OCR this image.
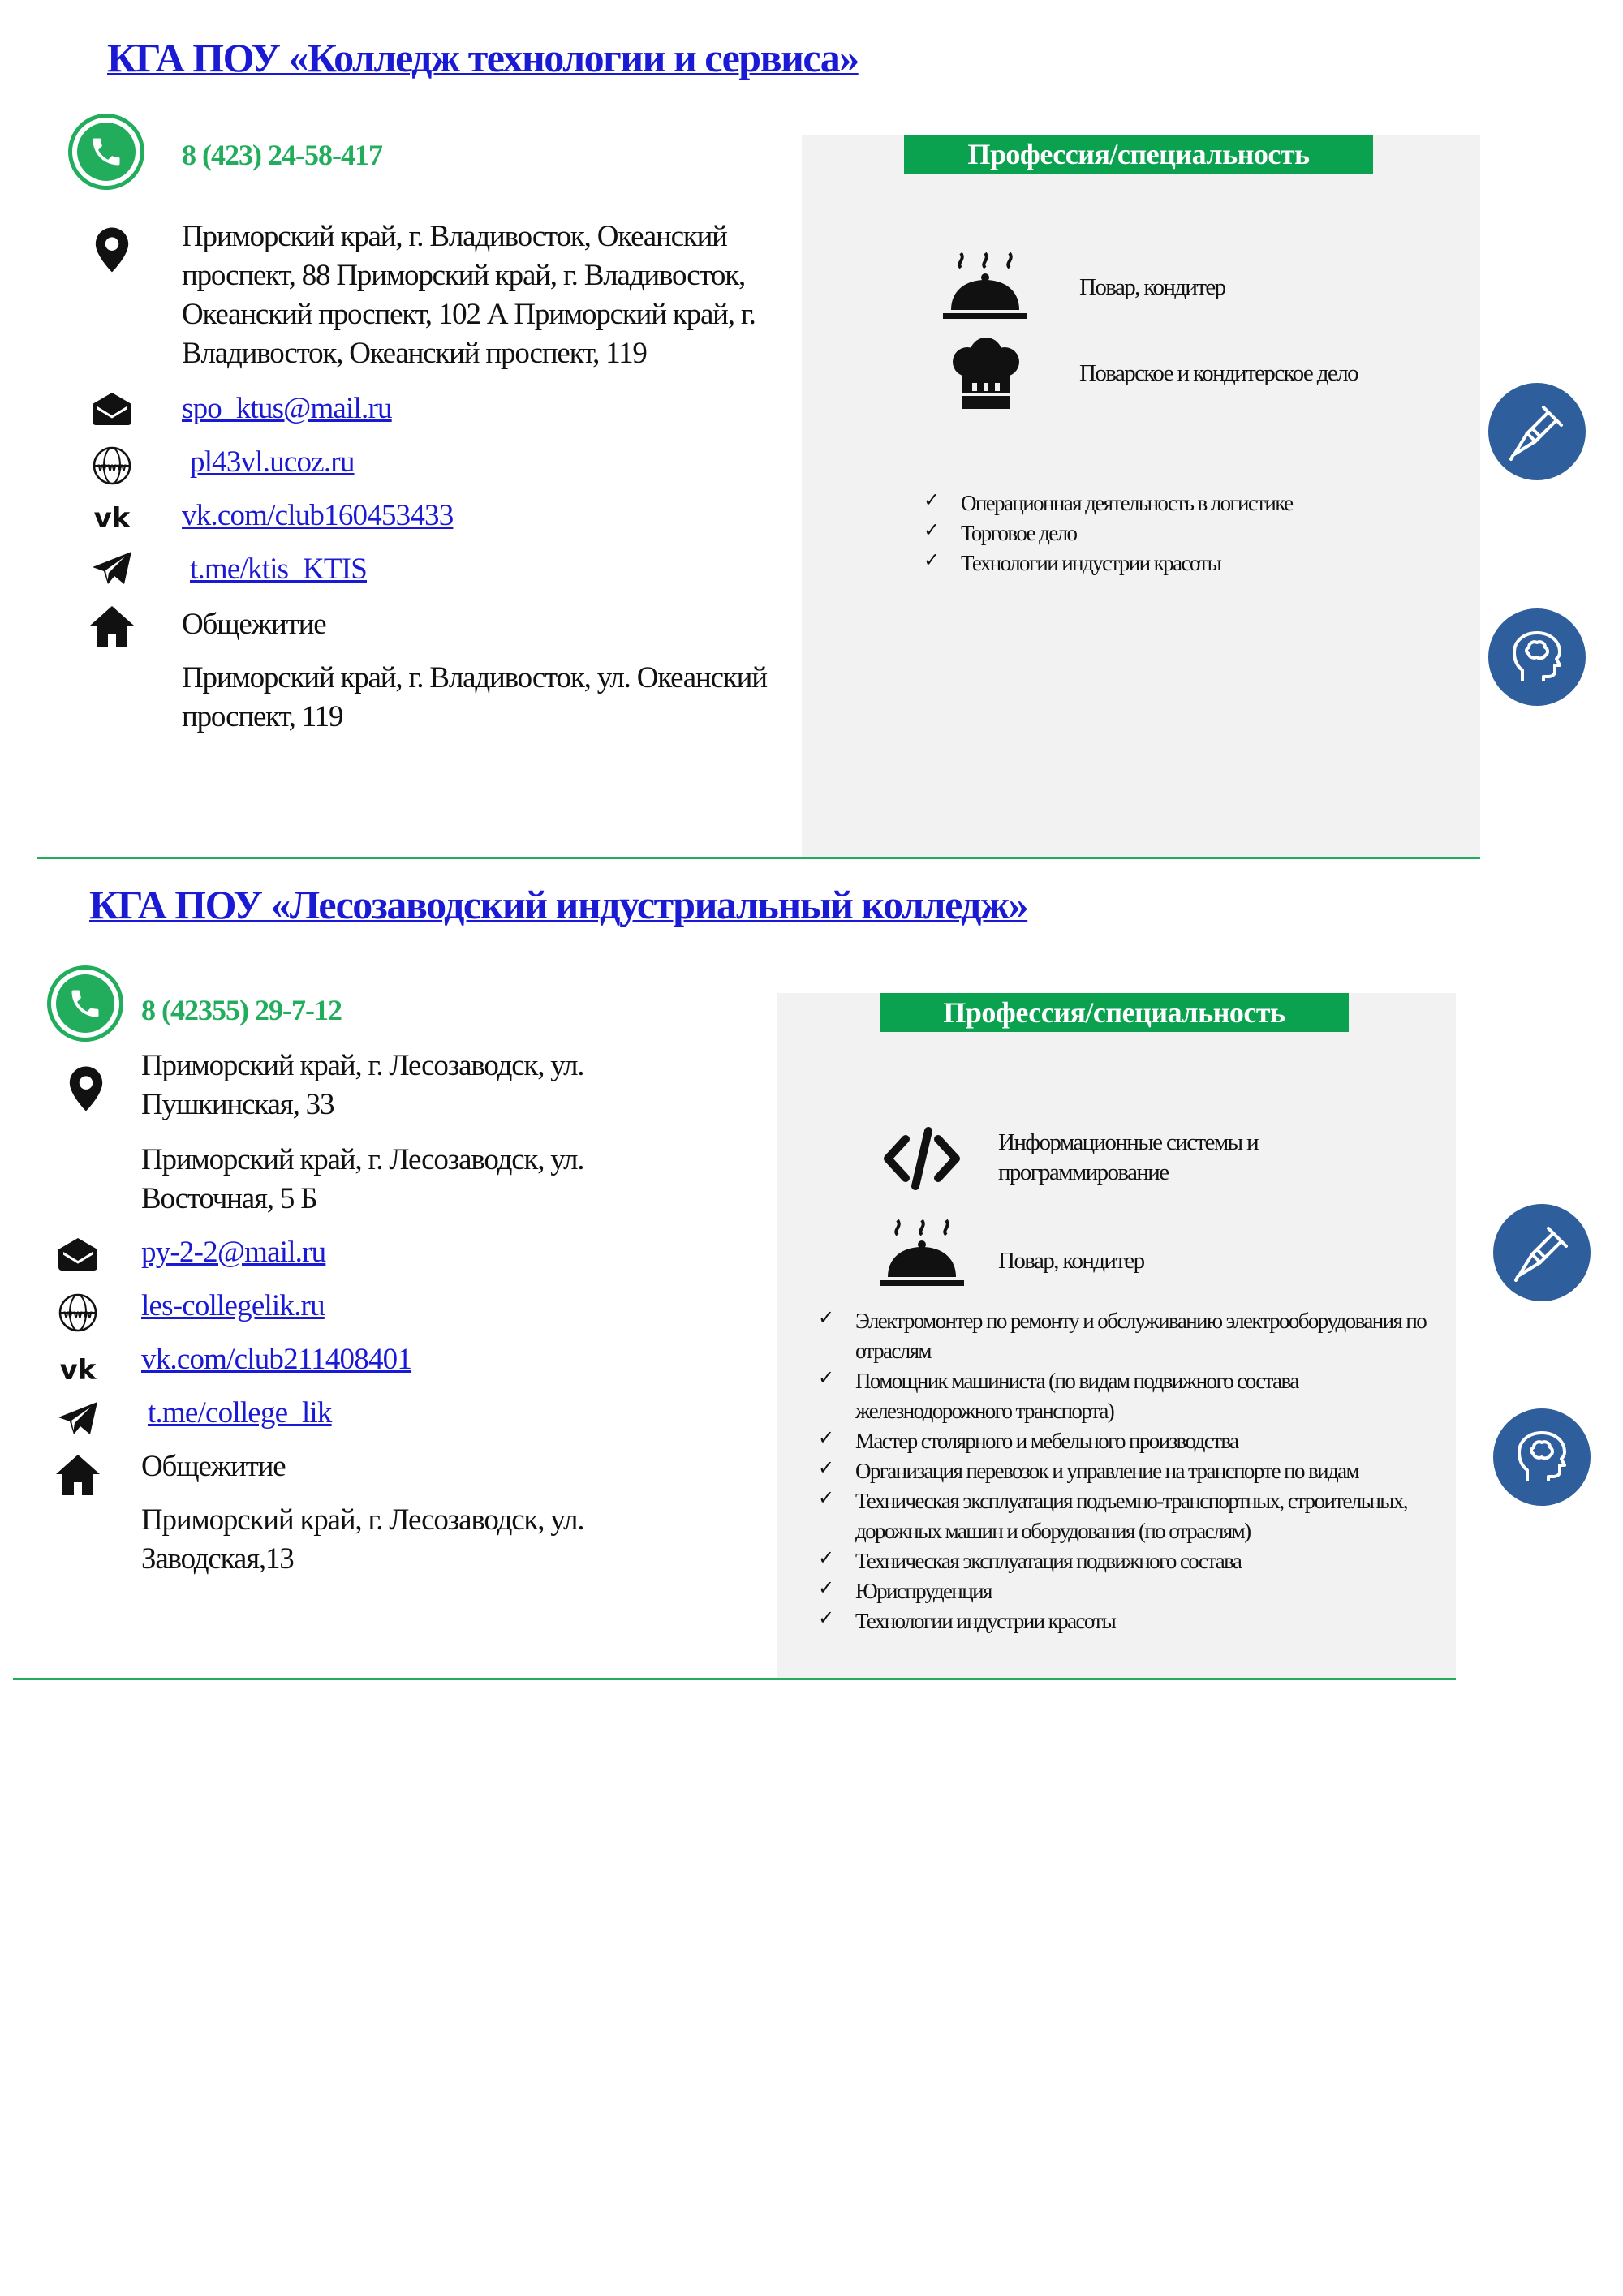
КГА ПОУ «Колледж технологии и сервиса»
8 (423) 24-58-417
Приморский край, г. Владивосток, Океанский проспект, 88 Приморский край, г. Владивосток, Океанский проспект, 102 А Приморский край, г. Владивосток, Океанский проспект, 119
spo_ktus@mail.ru
www pl43vl.ucoz.ru
vk vk.com/club160453433
t.me/ktis_KTIS
Общежитие
Приморский край, г. Владивосток, ул. Океанский проспект, 119
Профессия/специальность
Повар, кондитер
Поварское и кондитерское дело
✓ Операционная деятельность в логистике
✓ Торговое дело
✓ Технологии индустрии красоты
КГА ПОУ «Лесозаводский индустриальный колледж»
8 (42355) 29-7-12
Приморский край, г. Лесозаводск, ул. Пушкинская, 33
Приморский край, г. Лесозаводск, ул. Восточная, 5 Б
py-2-2@mail.ru
www les-collegelik.ru
vk vk.com/club211408401
t.me/college_lik
Общежитие
Приморский край, г. Лесозаводск, ул. Заводская,13
Профессия/специальность
Информационные системы и программирование
Повар, кондитер
✓ Электромонтер по ремонту и обслуживанию электрооборудования по отраслям
✓ Помощник машиниста (по видам подвижного состава железнодорожного транспорта)
✓ Мастер столярного и мебельного производства
✓ Организация перевозок и управление на транспорте по видам
✓ Техническая эксплуатация подъемно-транспортных, строительных, дорожных машин и оборудования (по отраслям)
✓ Техническая эксплуатация подвижного состава
✓ Юриспруденция
✓ Технологии индустрии красоты
